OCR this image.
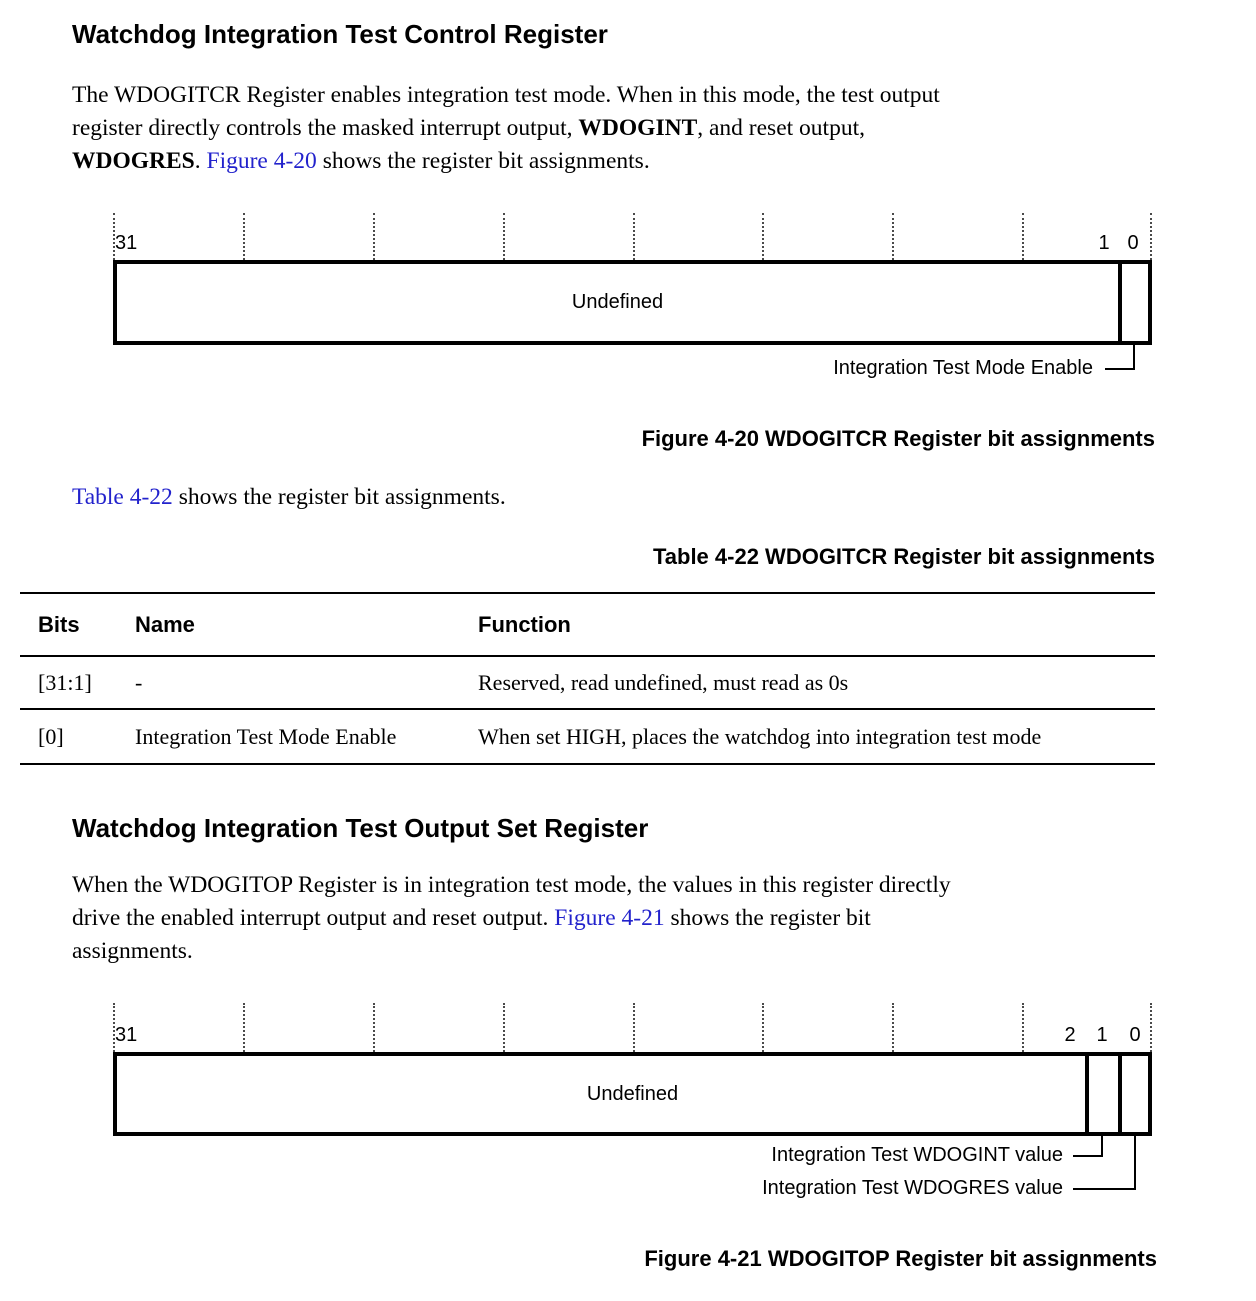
Watchdog Integration Test Control Register
The WDOGITCR Register enables integration test mode. When in this mode, the test output
register directly controls the masked interrupt output, WDOGINT, and reset output,
WDOGRES. Figure 4-20 shows the register bit assignments.
31	1 0
Undefined
Integration Test Mode Enable
Figure 4-20 WDOGITCR Register bit assignments
Table 4-22 shows the register bit assignments.
Table 4-22 WDOGITCR Register bit assignments
Bits	Name	Function
[31:1]	-	Reserved, read undefined, must read as 0s
[0]	Integration Test Mode Enable	When set HIGH, places the watchdog into integration test mode
Watchdog Integration Test Output Set Register
When the WDOGITOP Register is in integration test mode, the values in this register directly
drive the enabled interrupt output and reset output. Figure 4-21 shows the register bit
assignments.
31	2	1	0
Undefined
Integration Test WDOGINT value
Integration Test WDOGRES value
Figure 4-21 WDOGITOP Register bit assignments
